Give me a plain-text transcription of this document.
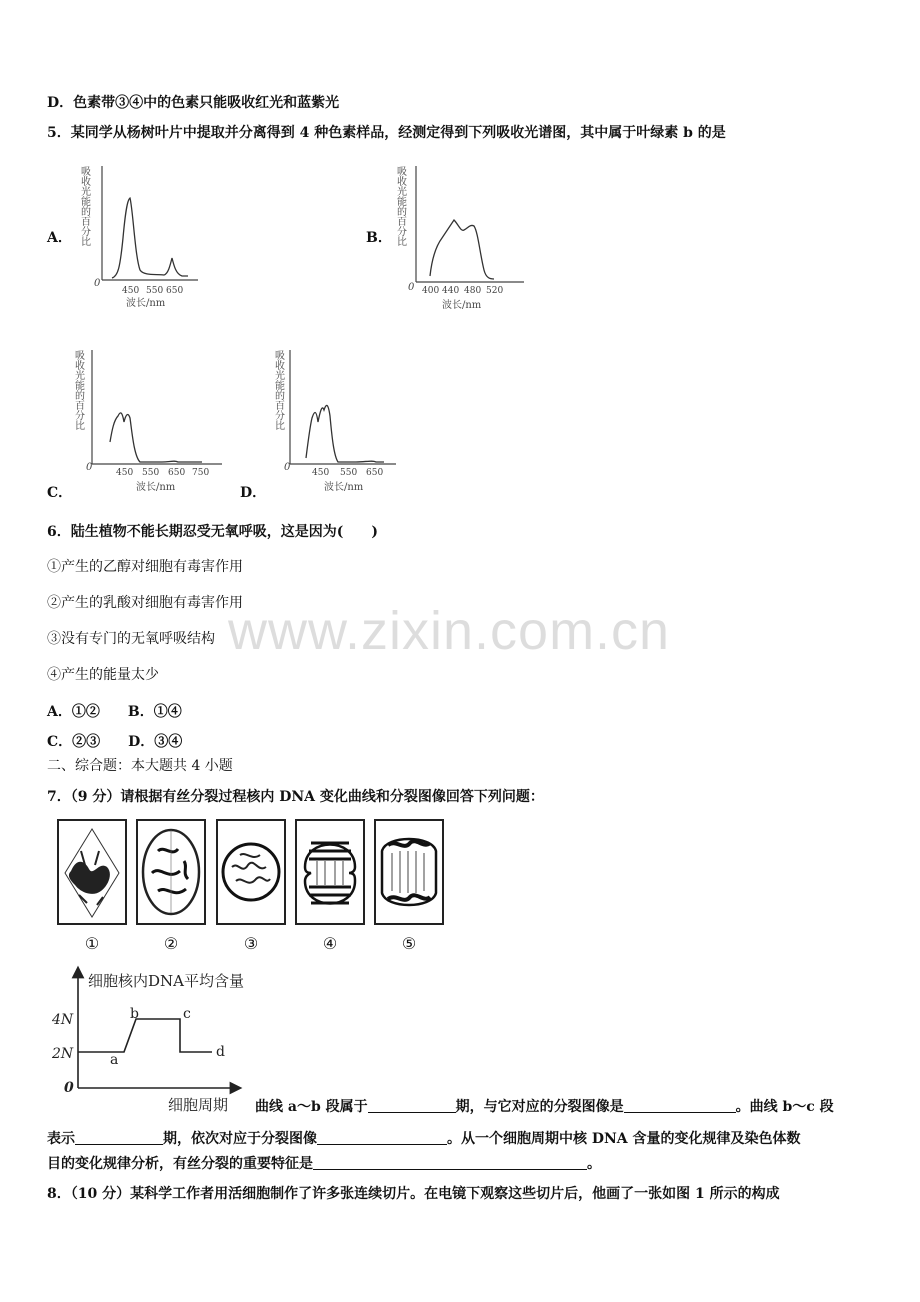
www.zixin.com.cn
D．色素带③④中的色素只能吸收红光和蓝紫光
5．某同学从杨树叶片中提取并分离得到 4 种色素样品，经测定得到下列吸收光谱图，其中属于叶绿素 b 的是
A．	B．
C．	D．
吸收光能的百分比
0
450 550 650
波长/nm
吸收光能的百分比
0 400 440 480 520
波长/nm
吸收光能的百分比
0	450 550 650 750
波长/nm
吸收光能的百分比
0 450 550 650
波长/nm
6．陆生植物不能长期忍受无氧呼吸，这是因为(　　)
①产生的乙醇对细胞有毒害作用
②产生的乳酸对细胞有毒害作用
③没有专门的无氧呼吸结构
④产生的能量太少
A．①②　　B．①④
C．②③　　D．③④
二、综合题：本大题共 4 小题
7．（9 分）请根据有丝分裂过程核内 DNA 变化曲线和分裂图像回答下列问题：
①	②	③	④	⑤
细胞核内DNA平均含量
4N
2N
0
a
b	c
d
细胞周期 曲线 a～b 段属于	期，与它对应的分裂图像是	。曲线 b～c 段
表示	期，依次对应于分裂图像	。从一个细胞周期中核 DNA 含量的变化规律及染色体数
目的变化规律分析，有丝分裂的重要特征是	。
8．（10 分）某科学工作者用活细胞制作了许多张连续切片。在电镜下观察这些切片后，他画了一张如图 1 所示的构成
